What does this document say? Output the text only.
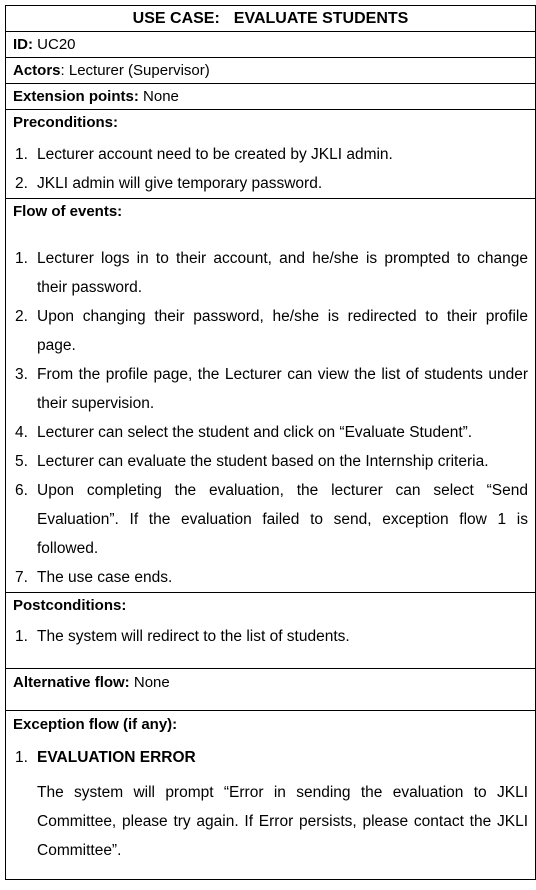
USE CASE: EVALUATE STUDENTS
ID: UC20
Actors: Lecturer (Supervisor)
Extension points: None

Preconditions:
1. Lecturer account need to be created by JKLI admin.
2. JKLI admin will give temporary password.

Flow of events:
1. Lecturer logs in to their account, and he/she is prompted to change their password.
2. Upon changing their password, he/she is redirected to their profile page.
3. From the profile page, the Lecturer can view the list of students under their supervision.
4. Lecturer can select the student and click on “Evaluate Student”.
5. Lecturer can evaluate the student based on the Internship criteria.
6. Upon completing the evaluation, the lecturer can select “Send Evaluation”. If the evaluation failed to send, exception flow 1 is followed.
7. The use case ends.

Postconditions:
1. The system will redirect to the list of students.

Alternative flow: None

Exception flow (if any):
1. EVALUATION ERROR
The system will prompt “Error in sending the evaluation to JKLI Committee, please try again. If Error persists, please contact the JKLI Committee”.
